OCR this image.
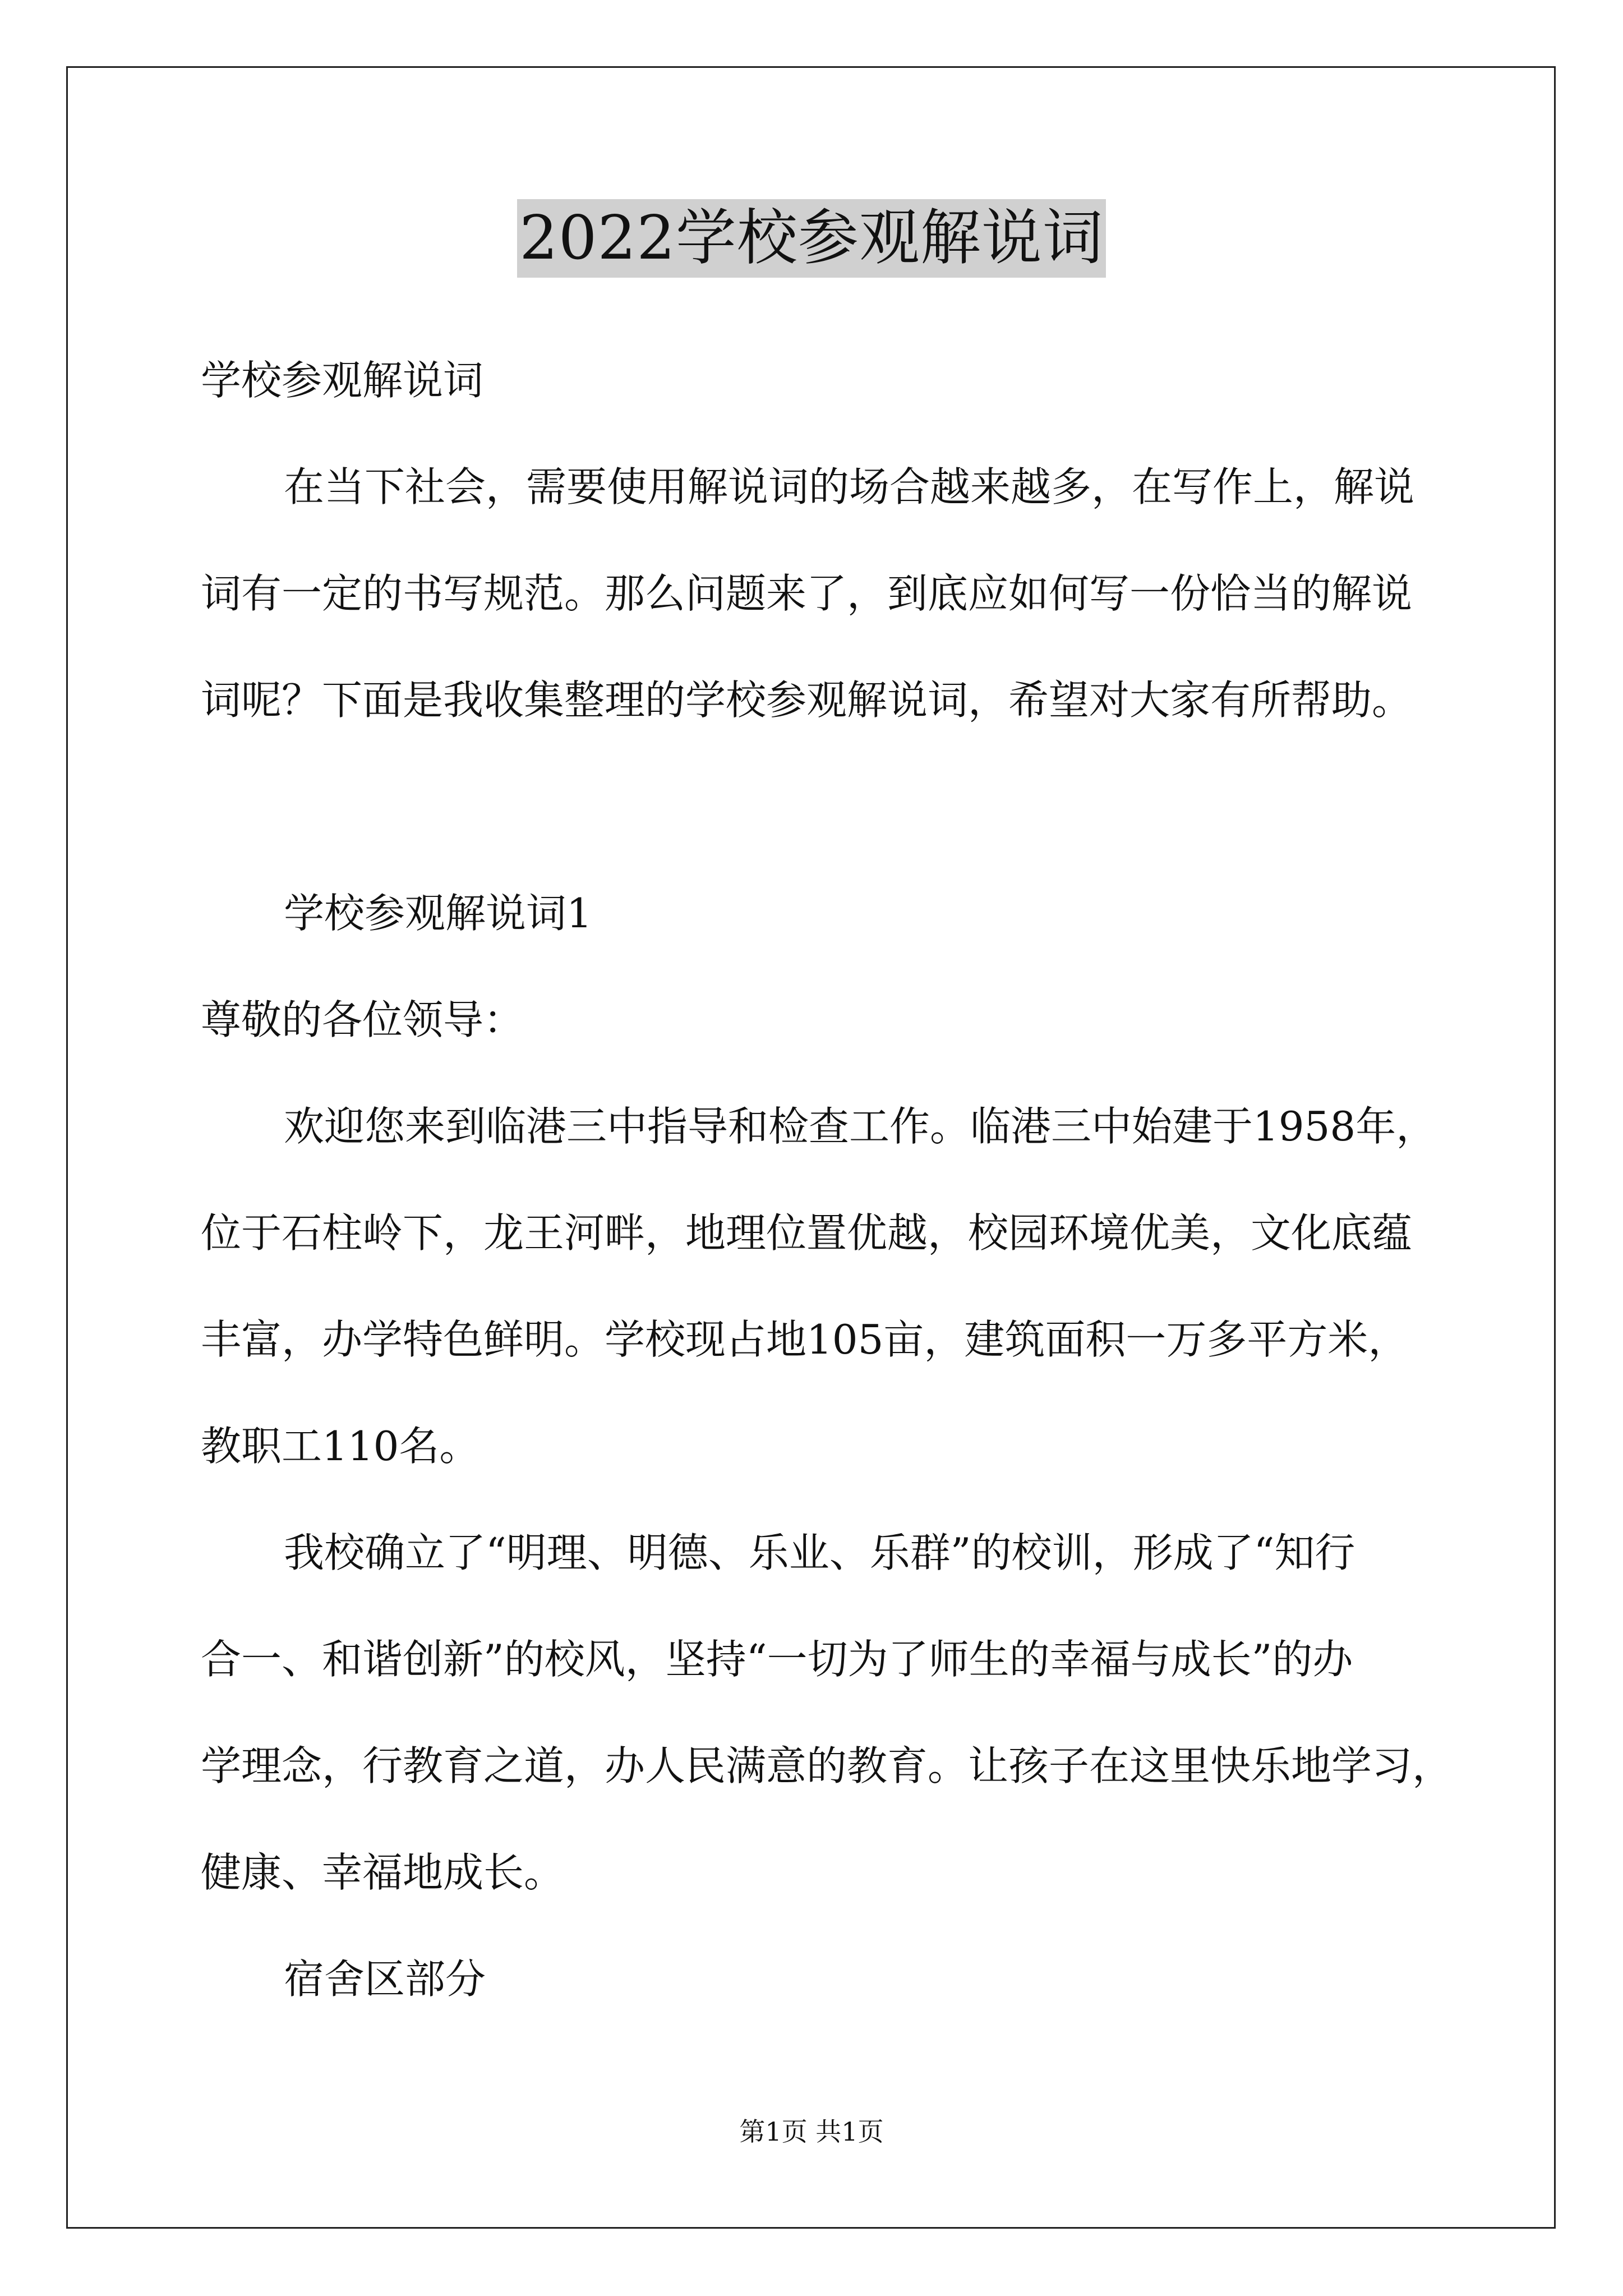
2022学校参观解说词
学校参观解说词
在当下社会，需要使用解说词的场合越来越多，在写作上，解说
词有一定的书写规范。那么问题来了，到底应如何写一份恰当的解说
词呢？下面是我收集整理的学校参观解说词，希望对大家有所帮助。
学校参观解说词1
尊敬的各位领导：
欢迎您来到临港三中指导和检查工作。临港三中始建于1958年，
位于石柱岭下，龙王河畔，地理位置优越，校园环境优美，文化底蕴
丰富，办学特色鲜明。学校现占地105亩，建筑面积一万多平方米，
教职工110名。
我校确立了“明理、明德、乐业、乐群”的校训，形成了“知行
合一、和谐创新”的校风，坚持“一切为了师生的幸福与成长”的办
学理念，行教育之道，办人民满意的教育。让孩子在这里快乐地学习，
健康、幸福地成长。
宿舍区部分
第1页 共1页
